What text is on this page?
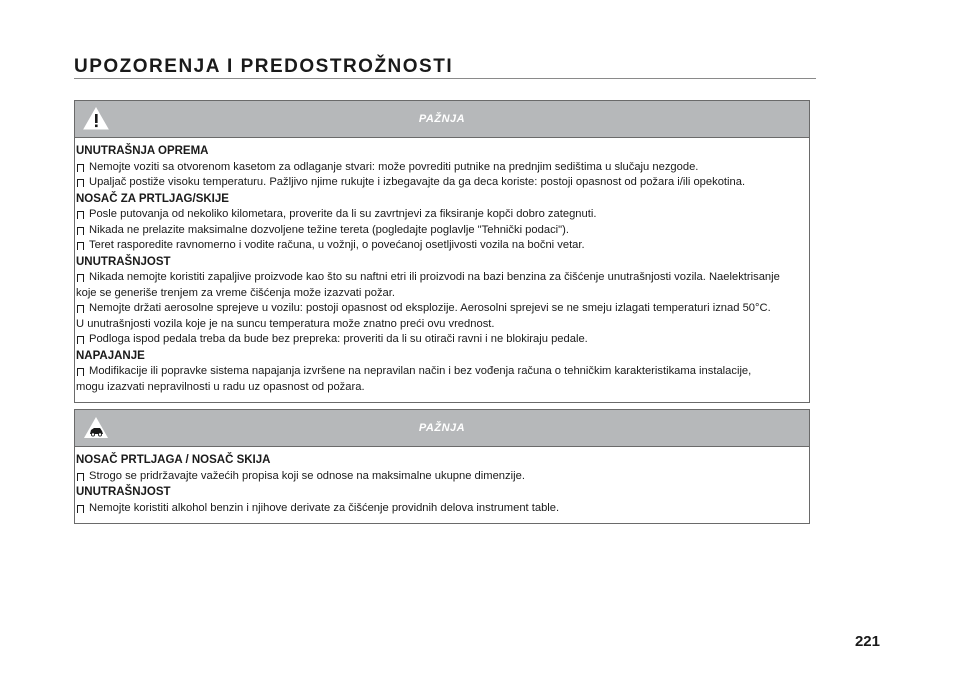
UPOZORENJA I PREDOSTROŽNOSTI
PAŽNJA
UNUTRAŠNJA OPREMA

Nemojte voziti sa otvorenom kasetom za odlaganje stvari: može povrediti putnike na prednjim sedištima u slučaju nezgode.

Upaljač postiže visoku temperaturu. Pažljivo njime rukujte i izbegavajte da ga deca koriste: postoji opasnost od požara i/ili opekotina.

NOSAČ ZA PRTLJAG/SKIJE

Posle putovanja od nekoliko kilometara, proverite da li su zavrtnjevi za fiksiranje kopči dobro zategnuti.

Nikada ne prelazite maksimalne dozvoljene težine tereta (pogledajte poglavlje "Tehnički podaci").

Teret rasporedite ravnomerno i vodite računa, u vožnji, o povećanoj osetljivosti vozila na bočni vetar.

UNUTRAŠNJOST

Nikada nemojte koristiti zapaljive proizvode kao što su naftni etri ili proizvodi na bazi benzina za čišćenje unutrašnjosti vozila. Naelektrisanje
koje se generiše trenjem za vreme čišćenja može izazvati požar.

Nemojte držati aerosolne spreјeve u vozilu: postoji opasnost od eksplozije. Aerosolni spreјevi se ne smeju izlagati temperaturi iznad 50°C.
U unutrašnjosti vozila koje je na suncu temperatura može znatno preći ovu vrednost.

Podloga ispod pedala treba da bude bez prepreka: proveriti da li su otirači ravni i ne blokiraju pedale.

NAPAJANJE

Modifikacije ili popravke sistema napajanja izvršene na nepravilan način i bez vođenja računa o tehničkim karakteristikama instalacije,
mogu izazvati nepravilnosti u radu uz opasnost od požara.

PAŽNJA
NOSAČ PRTLJAGA / NOSAČ SKIJA

Strogo se pridržavajte važećih propisa koji se odnose na maksimalne ukupne dimenzije.

UNUTRAŠNJOST

Nemojte koristiti alkohol benzin i njihove derivate za čišćenje providnih delova instrument table.

221
